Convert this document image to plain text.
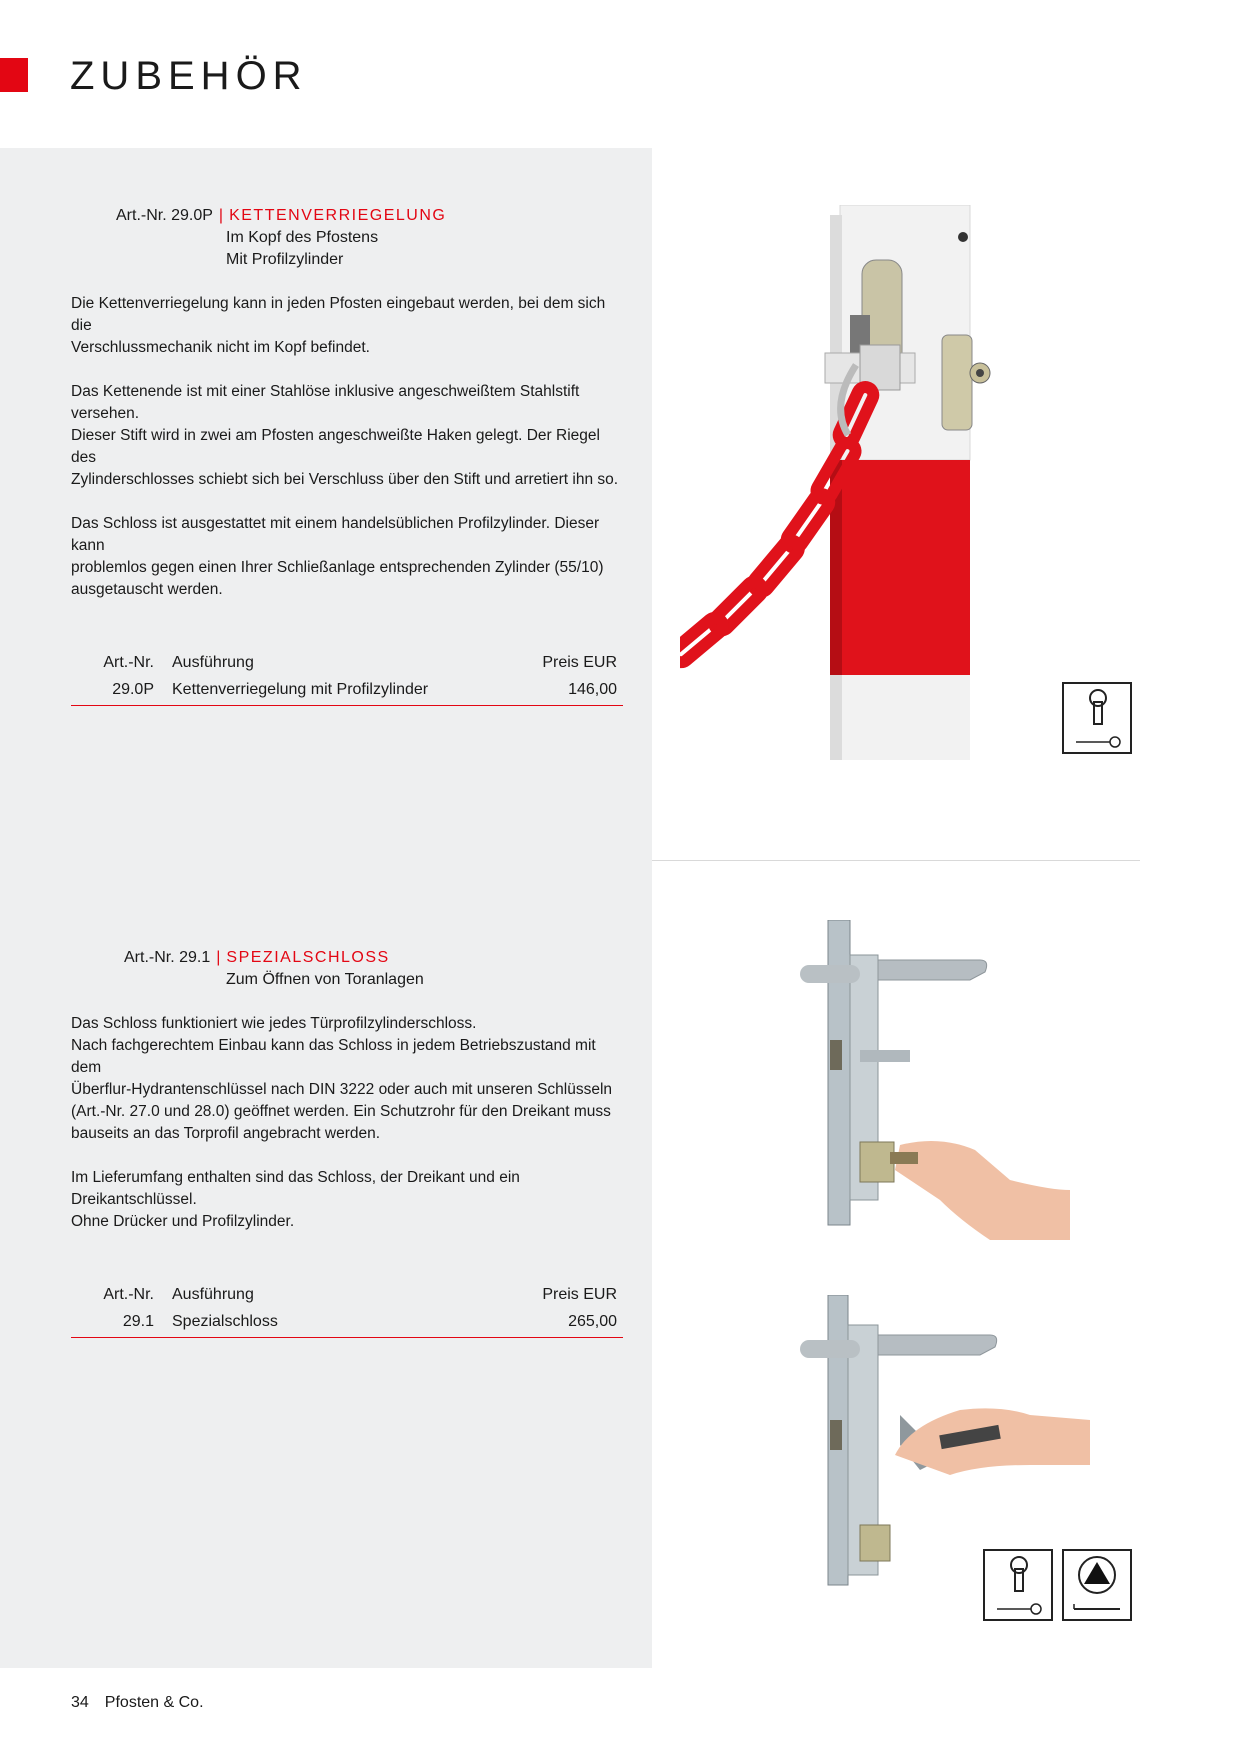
ZUBEHÖR
Art.-Nr. 29.0P | KETTENVERRIEGELUNG
Im Kopf des Pfostens
Mit Profilzylinder
Die Kettenverriegelung kann in jeden Pfosten eingebaut werden, bei dem sich die
Verschlussmechanik nicht im Kopf befindet.
Das Kettenende ist mit einer Stahlöse inklusive angeschweißtem Stahlstift versehen.
Dieser Stift wird in zwei am Pfosten angeschweißte Haken gelegt. Der Riegel des
Zylinderschlosses schiebt sich bei Verschluss über den Stift und arretiert ihn so.
Das Schloss ist ausgestattet mit einem handelsüblichen Profilzylinder. Dieser kann
problemlos gegen einen Ihrer Schließanlage entsprechenden Zylinder (55/10)
ausgetauscht werden.
Art.-Nr.	Ausführung	Preis EUR
29.0P	Kettenverriegelung mit Profilzylinder	146,00
Art.-Nr. 29.1 | SPEZIALSCHLOSS
Zum Öffnen von Toranlagen
Das Schloss funktioniert wie jedes Türprofilzylinderschloss.
Nach fachgerechtem Einbau kann das Schloss in jedem Betriebszustand mit dem
Überflur-Hydrantenschlüssel nach DIN 3222 oder auch mit unseren Schlüsseln
(Art.-Nr. 27.0 und 28.0) geöffnet werden. Ein Schutzrohr für den Dreikant muss
bauseits an das Torprofil angebracht werden.
Im Lieferumfang enthalten sind das Schloss, der Dreikant und ein Dreikantschlüssel.
Ohne Drücker und Profilzylinder.
Art.-Nr.	Ausführung	Preis EUR
29.1	Spezialschloss	265,00
34 Pfosten & Co.
